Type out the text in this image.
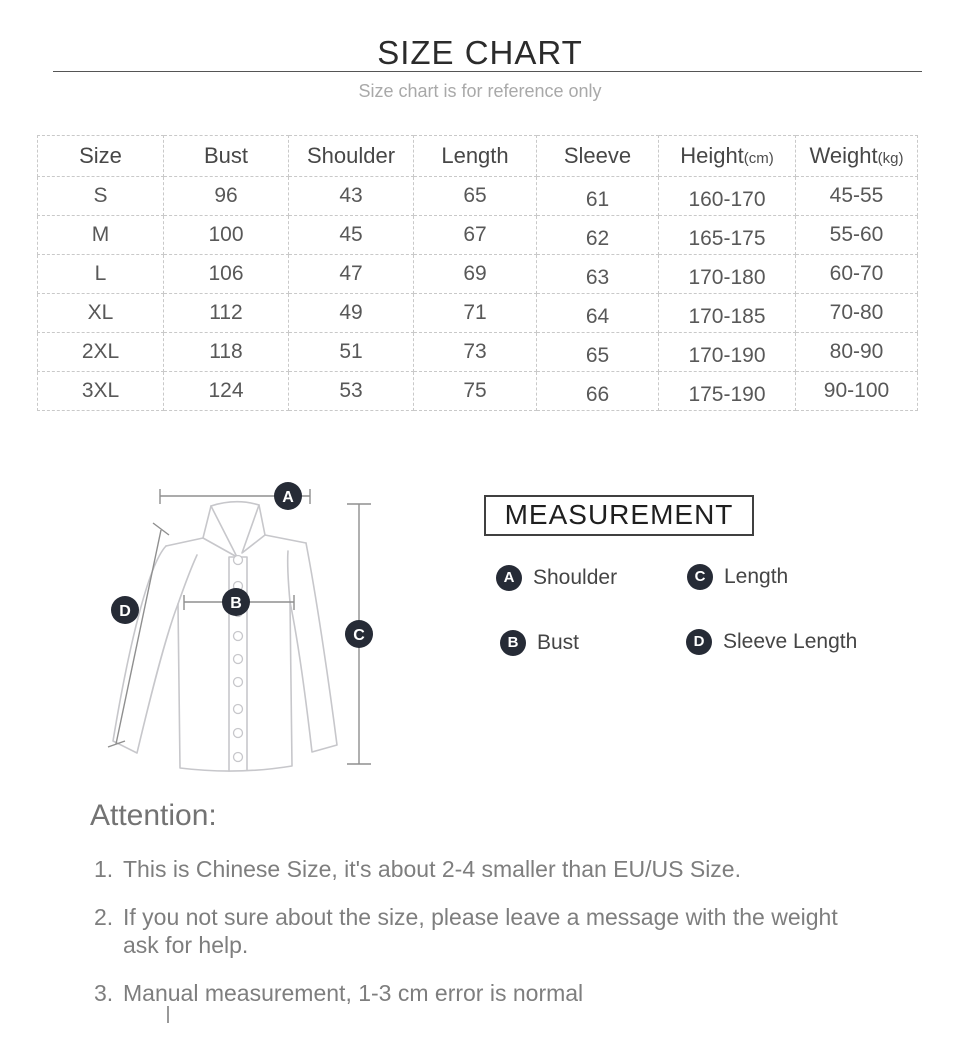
SIZE CHART
Size chart is for reference only
Size	Bust	Shoulder	Length	Sleeve	Height(cm)	Weight(kg)
S	96	43	65	61	160-170	45-55
M	100	45	67	62	165-175	55-60
L	106	47	69	63	170-180	60-70
XL	112	49	71	64	170-185	70-80
2XL	118	51	73	65	170-190	80-90
3XL	124	53	75	66	175-190	90-100
A
B
C
D
MEASUREMENT
A Shoulder	C Length
B Bust	D Sleeve Length
Attention:
1. This is Chinese Size, it's about 2-4 smaller than EU/US Size.
2. If you not sure about the size, please leave a message with the weight ask for help.
3. Manual measurement, 1-3 cm error is normal
